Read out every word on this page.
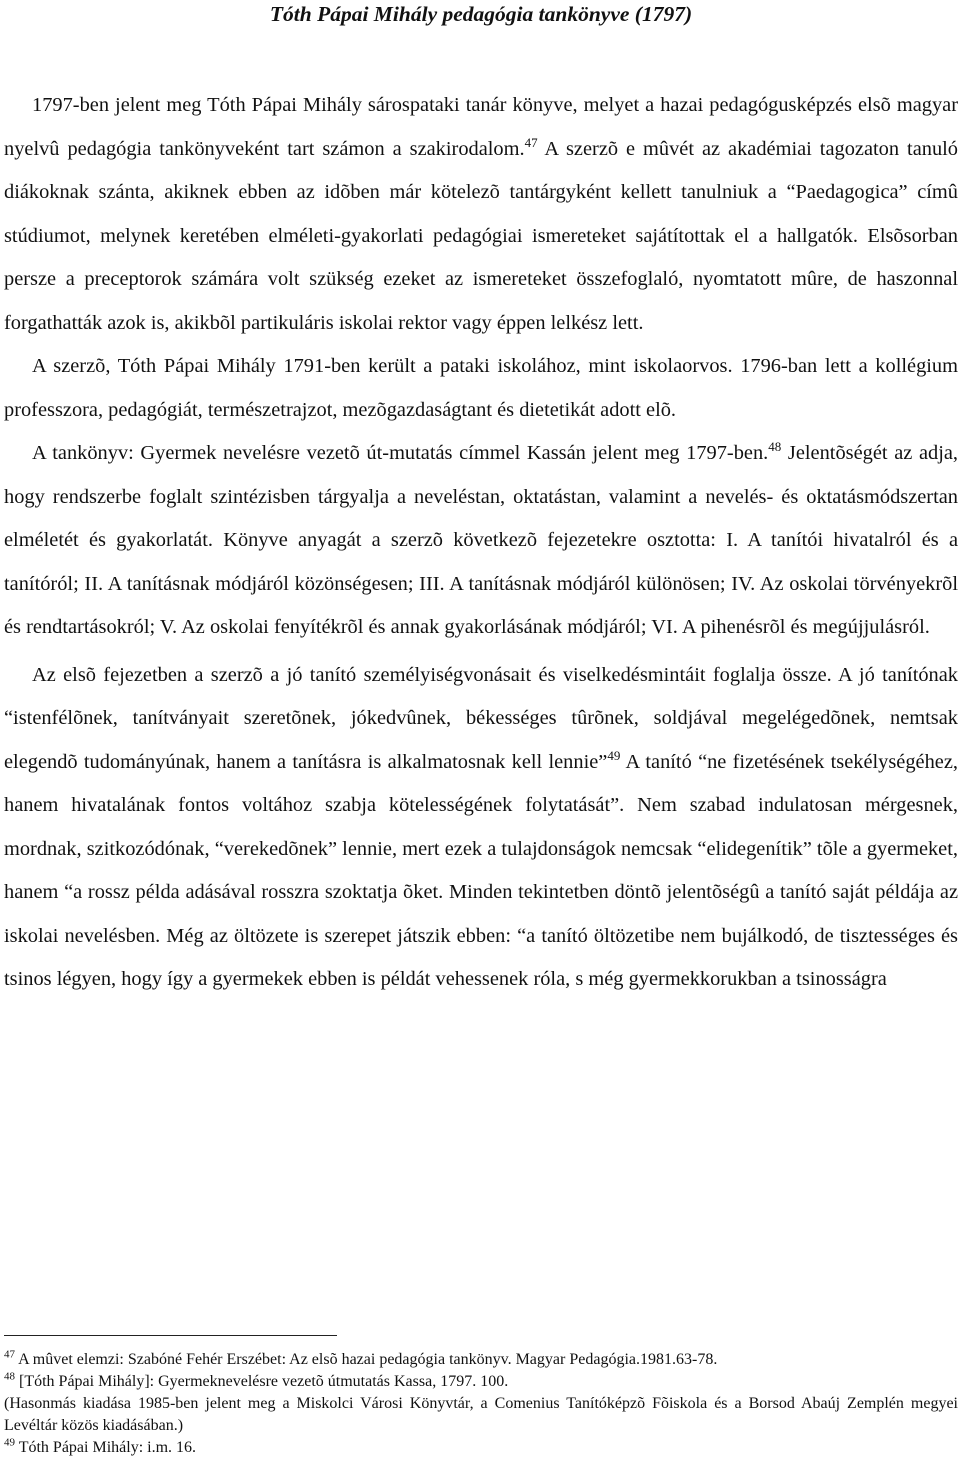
Tóth Pápai Mihály pedagógia tankönyve (1797)

1797-ben jelent meg Tóth Pápai Mihály sárospataki tanár könyve, melyet a hazai pedagógusképzés elsõ magyar nyelvû pedagógia tankönyveként tart számon a szakirodalom.$^{47}$ A szerzõ e mûvét az akadémiai tagozaton tanuló diákoknak szánta, akiknek ebben az idõben már kötelezõ tantárgyként kellett tanulniuk a “Paedagogica” címû stúdiumot, melynek keretében elméleti-gyakorlati pedagógiai ismereteket sajátítottak el a hallgatók. Elsõsorban persze a preceptorok számára volt szükség ezeket az ismereteket összefoglaló, nyomtatott mûre, de haszonnal forgathatták azok is, akikbõl partikuláris iskolai rektor vagy éppen lelkész lett.

A szerzõ, Tóth Pápai Mihály 1791-ben került a pataki iskolához, mint iskolaorvos. 1796-ban lett a kollégium professzora, pedagógiát, természetrajzot, mezõgazdaságtant és dietetikát adott elõ.

A tankönyv: Gyermek nevelésre vezetõ út-mutatás címmel Kassán jelent meg 1797-ben.$^{48}$ Jelentõségét az adja, hogy rendszerbe foglalt szintézisben tárgyalja a neveléstan, oktatástan, valamint a nevelés- és oktatásmódszertan elméletét és gyakorlatát. Könyve anyagát a szerzõ következõ fejezetekre osztotta: I. A tanítói hivatalról és a tanítóról; II. A tanításnak módjáról közönségesen; III. A tanításnak módjáról különösen; IV. Az oskolai törvényekrõl és rendtartásokról; V. Az oskolai fenyítékrõl és annak gyakorlásának módjáról; VI. A pihenésrõl és megújjulásról.

Az elsõ fejezetben a szerzõ a jó tanító személyiségvonásait és viselkedésmintáit foglalja össze. A jó tanítónak “istenfélõnek, tanítványait szeretõnek, jókedvûnek, békességes tûrõnek, soldjával megelégedõnek, nemtsak elegendõ tudományúnak, hanem a tanításra is alkalmatosnak kell lennie”$^{49}$ A tanító “ne fizetésének tsekélységéhez, hanem hivatalának fontos voltához szabja kötelességének folytatását”. Nem szabad indulatosan mérgesnek, mordnak, szitkozódónak, “verekedõnek” lennie, mert ezek a tulajdonságok nemcsak “elidegenítik” tõle a gyermeket, hanem “a rossz példa adásával rosszra szoktatja õket. Minden tekintetben döntõ jelentõségû a tanító saját példája az iskolai nevelésben. Még az öltözete is szerepet játszik ebben: “a tanító öltözetibe nem bujálkodó, de tisztességes és tsinos légyen, hogy így a gyermekek ebben is példát vehessenek róla, s még gyermekkorukban a tsinosságra

$^{47}$ A mûvet elemzi: Szabóné Fehér Erszébet: Az elsõ hazai pedagógia tankönyv. Magyar Pedagógia.1981.63-78.

$^{48}$ [Tóth Pápai Mihály]: Gyermeknevelésre vezetõ útmutatás Kassa, 1797. 100.

(Hasonmás kiadása 1985-ben jelent meg a Miskolci Városi Könyvtár, a Comenius Tanítóképzõ Fõiskola és a Borsod Abaúj Zemplén megyei Levéltár közös kiadásában.)

$^{49}$ Tóth Pápai Mihály: i.m. 16.
